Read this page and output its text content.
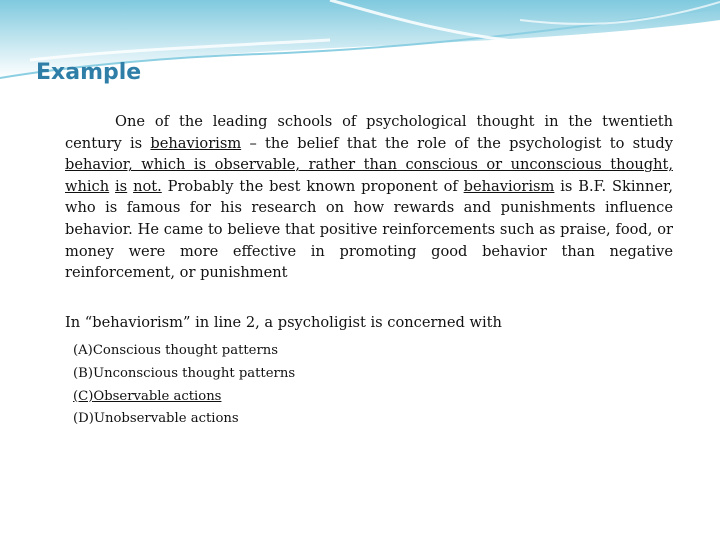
Example

One of the leading schools of psychological thought in the twentieth century is behaviorism – the belief that the role of the psychologist to study behavior, which is observable, rather than conscious or unconscious thought, which is not. Probably the best known proponent of behaviorism is B.F. Skinner, who is famous for his research on how rewards and punishments influence behavior. He came to believe that positive reinforcements such as praise, food, or money were more effective in promoting good behavior than negative reinforcement, or punishment

In “behaviorism” in line 2, a psycholigist is concerned with

(A)Conscious thought patterns
(B)Unconscious thought patterns
(C)Observable actions
(D)Unobservable actions
